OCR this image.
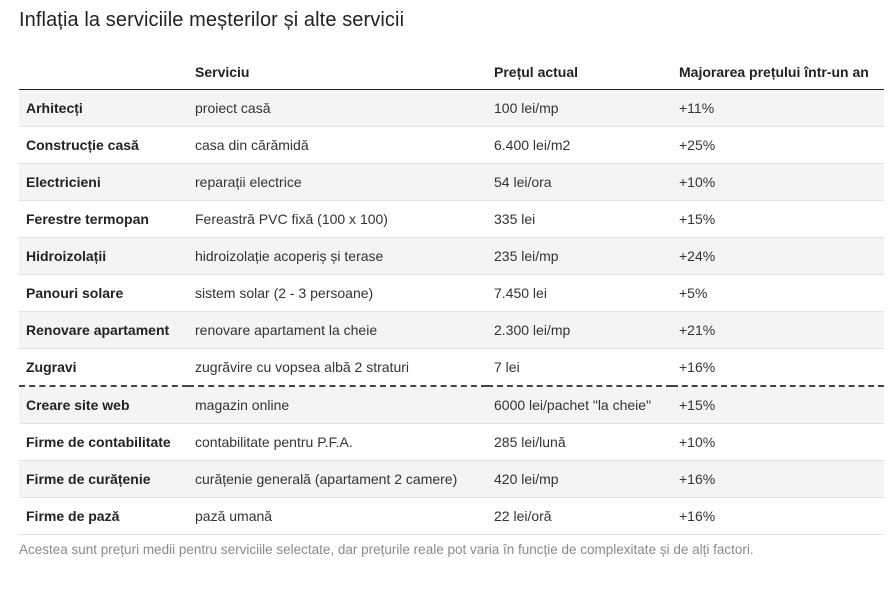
Inflația la serviciile meșterilor și alte servicii
	Serviciu	Prețul actual	Majorarea prețului într-un an
Arhitecți	proiect casă	100 lei/mp	+11%
Construcție casă	casa din cărămidă	6.400 lei/m2	+25%
Electricieni	reparații electrice	54 lei/ora	+10%
Ferestre termopan	Fereastră PVC fixă (100 x 100)	335 lei	+15%
Hidroizolații	hidroizolație acoperiș și terase	235 lei/mp	+24%
Panouri solare	sistem solar (2 - 3 persoane)	7.450 lei	+5%
Renovare apartament	renovare apartament la cheie	2.300 lei/mp	+21%
Zugravi	zugrăvire cu vopsea albă 2 straturi	7 lei	+16%
Creare site web	magazin online	6000 lei/pachet "la cheie"	+15%
Firme de contabilitate	contabilitate pentru P.F.A.	285 lei/lună	+10%
Firme de curățenie	curățenie generală (apartament 2 camere)	420 lei/mp	+16%
Firme de pază	pază umană	22 lei/oră	+16%
Acestea sunt prețuri medii pentru serviciile selectate, dar prețurile reale pot varia în funcție de complexitate și de alți factori.
